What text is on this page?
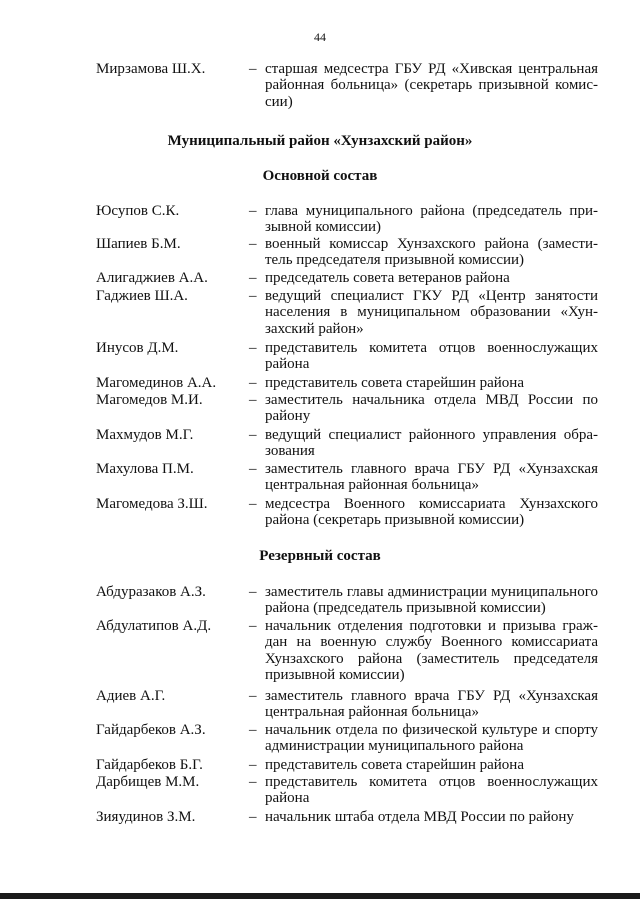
44
Мирзамова Ш.Х.	– старшая медсестра ГБУ РД «Хивская центральная районная больница» (секретарь призывной комиссии)
Муниципальный район «Хунзахский район»
Основной состав
Юсупов С.К.	– глава муниципального района (председатель призывной комиссии)
Шапиев Б.М.	– военный комиссар Хунзахского района (заместитель председателя призывной комиссии)
Алигаджиев А.А.	– председатель совета ветеранов района
Гаджиев Ш.А.	– ведущий специалист ГКУ РД «Центр занятости населения в муниципальном образовании «Хунзахский район»
Инусов Д.М.	– представитель комитета отцов военнослужащих района
Магомединов А.А. – представитель совета старейшин района
Магомедов М.И.	– заместитель начальника отдела МВД России по району
Махмудов М.Г.	– ведущий специалист районного управления образования
Махулова П.М.	– заместитель главного врача ГБУ РД «Хунзахская центральная районная больница»
Магомедова З.Ш.	– медсестра Военного комиссариата Хунзахского района (секретарь призывной комиссии)
Резервный состав
Абдуразаков А.З.	– заместитель главы администрации муниципального района (председатель призывной комиссии)
Абдулатипов А.Д.	– начальник отделения подготовки и призыва граждан на военную службу Военного комиссариата Хунзахского района (заместитель председателя призывной комиссии)
Адиев А.Г.	– заместитель главного врача ГБУ РД «Хунзахская центральная районная больница»
Гайдарбеков А.З.	– начальник отдела по физической культуре и спорту администрации муниципального района
Гайдарбеков Б.Г.	– представитель совета старейшин района
Дарбищев М.М.	– представитель комитета отцов военнослужащих района
Зияудинов З.М.	– начальник штаба отдела МВД России по району
